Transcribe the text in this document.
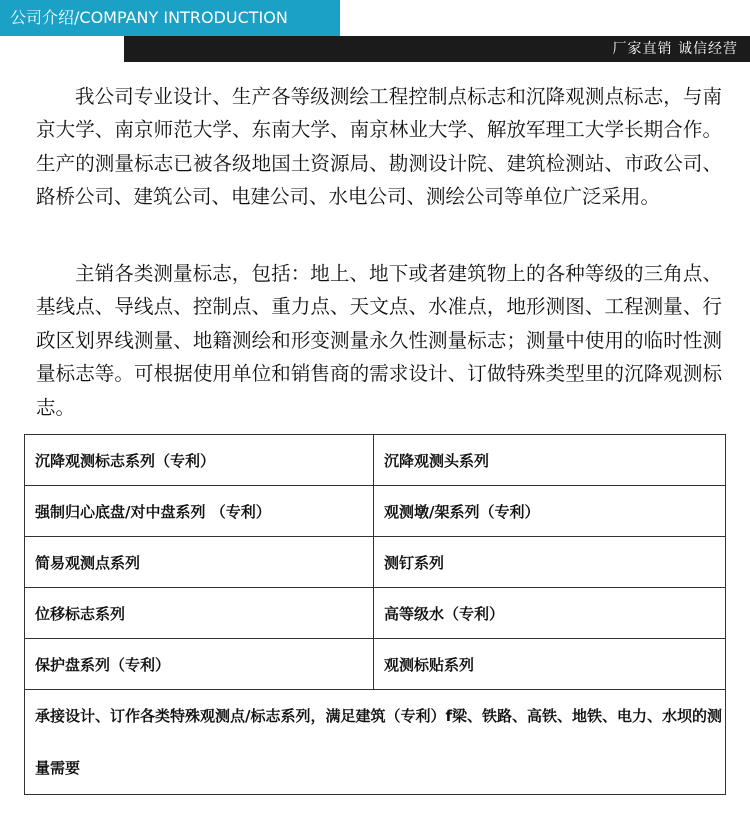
公司介绍/COMPANY INTRODUCTION
厂家直销 诚信经营

我公司专业设计、生产各等级测绘工程控制点标志和沉降观测点标志，与南京大学、南京师范大学、东南大学、南京林业大学、解放军理工大学长期合作。生产的测量标志已被各级地国土资源局、勘测设计院、建筑检测站、市政公司、路桥公司、建筑公司、电建公司、水电公司、测绘公司等单位广泛采用。

主销各类测量标志，包括：地上、地下或者建筑物上的各种等级的三角点、基线点、导线点、控制点、重力点、天文点、水准点，地形测图、工程测量、行政区划界线测量、地籍测绘和形变测量永久性测量标志；测量中使用的临时性测量标志等。可根据使用单位和销售商的需求设计、订做特殊类型里的沉降观测标志。

沉降观测标志系列（专利）	沉降观测头系列
强制归心底盘/对中盘系列 （专利）	观测墩/架系列（专利）
简易观测点系列	测钉系列
位移标志系列	高等级水（专利）
保护盘系列（专利）	观测标贴系列
承接设计、订作各类特殊观测点/标志系列，满足建筑（专利）f梁、铁路、高铁、地铁、电力、水坝的测量需要	
